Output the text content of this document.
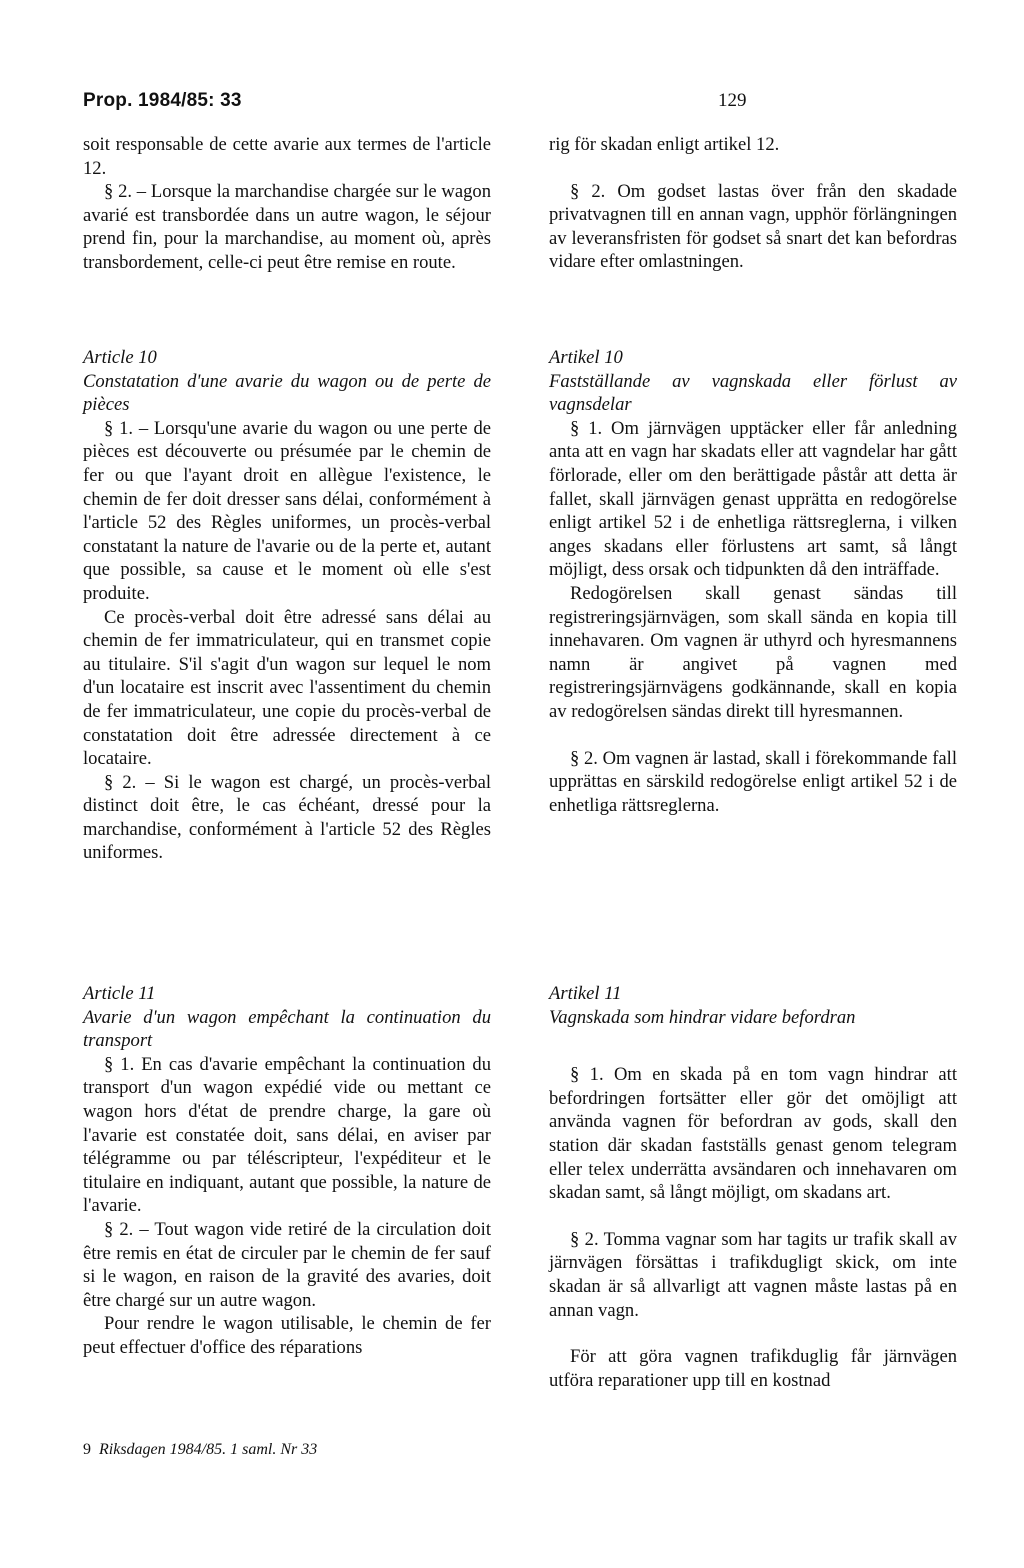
Prop. 1984/85: 33	129

soit responsable de cette avarie aux termes de l'article 12.

§ 2. – Lorsque la marchandise chargée sur le wagon avarié est transbordée dans un autre wagon, le séjour prend fin, pour la marchandise, au moment où, après transbordement, celle-ci peut être remise en route.

Article 10

Constatation d'une avarie du wagon ou de perte de pièces

§ 1. – Lorsqu'une avarie du wagon ou une perte de pièces est découverte ou présumée par le chemin de fer ou que l'ayant droit en allègue l'existence, le chemin de fer doit dresser sans délai, conformément à l'article 52 des Règles uniformes, un procès-verbal constatant la nature de l'avarie ou de la perte et, autant que possible, sa cause et le moment où elle s'est produite.

Ce procès-verbal doit être adressé sans délai au chemin de fer immatriculateur, qui en transmet copie au titulaire. S'il s'agit d'un wagon sur lequel le nom d'un locataire est inscrit avec l'assentiment du chemin de fer immatriculateur, une copie du procès-verbal de constatation doit être adressée directement à ce locataire.

§ 2. – Si le wagon est chargé, un procès-verbal distinct doit être, le cas échéant, dressé pour la marchandise, conformément à l'article 52 des Règles uniformes.

Article 11

Avarie d'un wagon empêchant la continuation du transport

§ 1. En cas d'avarie empêchant la continuation du transport d'un wagon expédié vide ou mettant ce wagon hors d'état de prendre charge, la gare où l'avarie est constatée doit, sans délai, en aviser par télégramme ou par téléscripteur, l'expéditeur et le titulaire en indiquant, autant que possible, la nature de l'avarie.

§ 2. – Tout wagon vide retiré de la circulation doit être remis en état de circuler par le chemin de fer sauf si le wagon, en raison de la gravité des avaries, doit être chargé sur un autre wagon.

Pour rendre le wagon utilisable, le chemin de fer peut effectuer d'office des réparations

rig för skadan enligt artikel 12.

§ 2. Om godset lastas över från den skadade privatvagnen till en annan vagn, upphör förlängningen av leveransfristen för godset så snart det kan befordras vidare efter omlastningen.

Artikel 10

Fastställande av vagnskada eller förlust av vagnsdelar

§ 1. Om järnvägen upptäcker eller får anledning anta att en vagn har skadats eller att vagndelar har gått förlorade, eller om den berättigade påstår att detta är fallet, skall järnvägen genast upprätta en redogörelse enligt artikel 52 i de enhetliga rättsreglerna, i vilken anges skadans eller förlustens art samt, så långt möjligt, dess orsak och tidpunkten då den inträffade.

Redogörelsen skall genast sändas till registreringsjärnvägen, som skall sända en kopia till innehavaren. Om vagnen är uthyrd och hyresmannens namn är angivet på vagnen med registreringsjärnvägens godkännande, skall en kopia av redogörelsen sändas direkt till hyresmannen.

§ 2. Om vagnen är lastad, skall i förekommande fall upprättas en särskild redogörelse enligt artikel 52 i de enhetliga rättsreglerna.

Artikel 11

Vagnskada som hindrar vidare befordran

§ 1. Om en skada på en tom vagn hindrar att befordringen fortsätter eller gör det omöjligt att använda vagnen för befordran av gods, skall den station där skadan fastställs genast genom telegram eller telex underrätta avsändaren och innehavaren om skadan samt, så långt möjligt, om skadans art.

§ 2. Tomma vagnar som har tagits ur trafik skall av järnvägen försättas i trafikdugligt skick, om inte skadan är så allvarligt att vagnen måste lastas på en annan vagn.

För att göra vagnen trafikduglig får järnvägen utföra reparationer upp till en kostnad

9 Riksdagen 1984/85. 1 saml. Nr 33
